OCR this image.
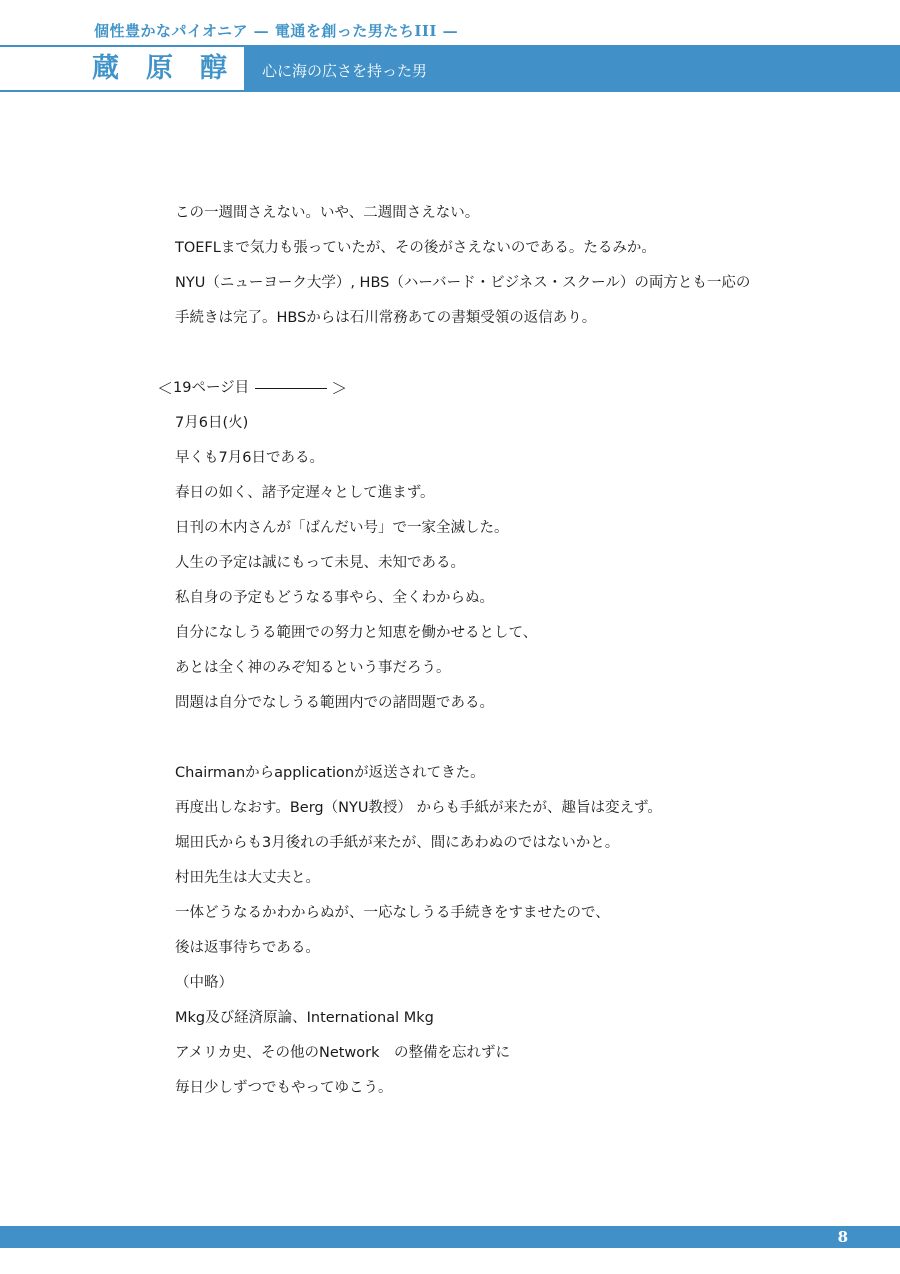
個性豊かなパイオニア — 電通を創った男たちIII —
蔵 原 醇 心に海の広さを持った男
この一週間さえない。いや、二週間さえない。
TOEFLまで気力も張っていたが、その後がさえないのである。たるみか。
NYU（ニューヨーク大学）, HBS（ハーバード・ビジネス・スクール）の両方とも一応の
手続きは完了。HBSからは石川常務あての書類受領の返信あり。
＜ 19ページ目	＞
7月6日(火)
早くも7月6日である。
春日の如く、諸予定遅々として進まず。
日刊の木内さんが「ばんだい号」で一家全滅した。
人生の予定は誠にもって未見、未知である。
私自身の予定もどうなる事やら、全くわからぬ。
自分になしうる範囲での努力と知恵を働かせるとして、
あとは全く神のみぞ知るという事だろう。
問題は自分でなしうる範囲内での諸問題である。
Chairmanからapplicationが返送されてきた。
再度出しなおす。Berg（NYU教授） からも手紙が来たが、趣旨は変えず。
堀田氏からも3月後れの手紙が来たが、間にあわぬのではないかと。
村田先生は大丈夫と。
一体どうなるかわからぬが、一応なしうる手続きをすませたので、
後は返事待ちである。
（中略）
Mkg及び経済原論、International Mkg
アメリカ史、その他のNetwork　の整備を忘れずに
毎日少しずつでもやってゆこう。
8
